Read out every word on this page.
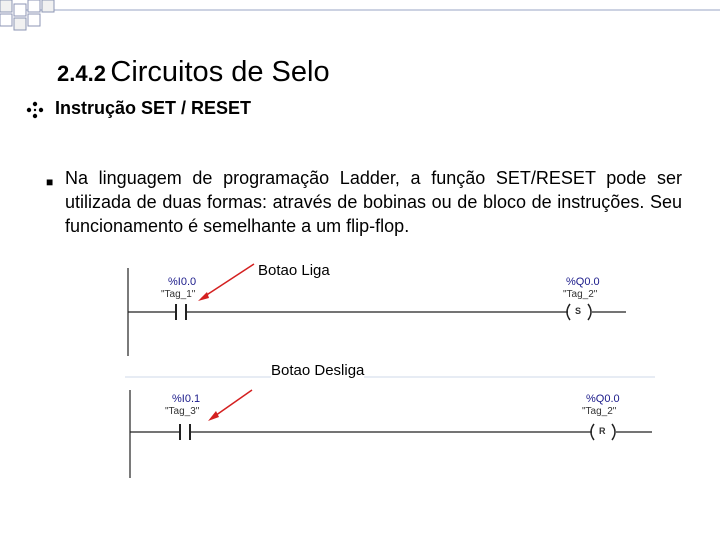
2.4.2 Circuitos de Selo
Instrução SET / RESET
■ Na linguagem de programação Ladder, a função SET/RESET pode ser utilizada de duas formas: através de bobinas ou de bloco de instruções. Seu funcionamento é semelhante a um flip-flop.
%I0.0
"Tag_1"
%Q0.0
"Tag_2"
S
Botao Liga
%I0.1
"Tag_3"
%Q0.0
"Tag_2"
R
Botao Desliga
